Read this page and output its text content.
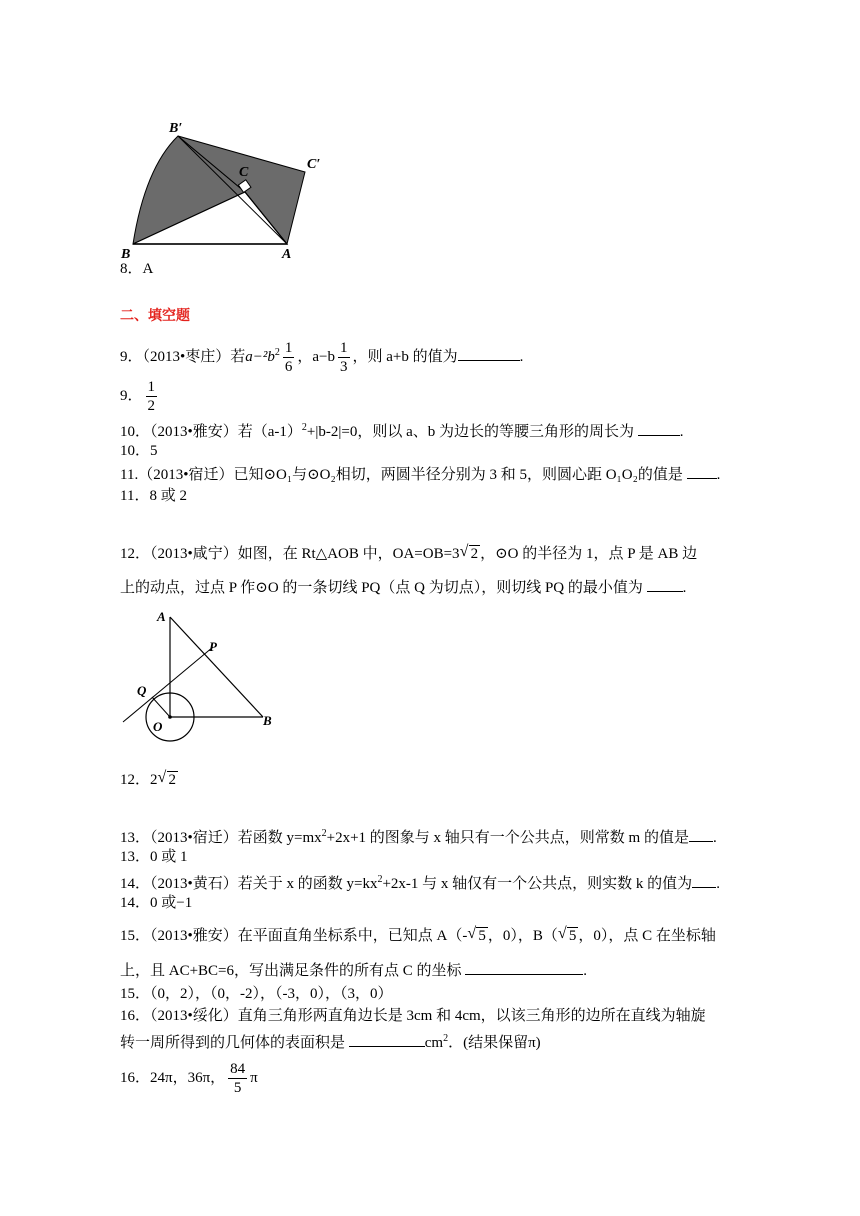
B′
C
C′
B	A
8．A
二、填空题
9．（2013•枣庄）若$a-^2b^2 \frac{1}{6}$ ，$a-b \frac{1}{3}$ ，则 a+b 的值为	.
9． $\frac{1}{2}$
10．（2013•雅安）若$(a-1)^2+|b-2|=0$，则以 a、b 为边长的等腰三角形的周长为	.
10．5
11.（2013•宿迁）已知⊙O₁与⊙O₂相切，两圆半径分别为 3 和 5，则圆心距 O₁O₂的值是 .
11．8 或 2
12．（2013•咸宁）如图，在 Rt△AOB 中，OA=OB=3 √ 2 ，⊙O 的半径为 1，点 P 是 AB 边
上的动点，过点 P 作⊙O 的一条切线 PQ（点 Q 为切点），则切线 PQ 的最小值为 .
A
P
Q
O	B
12．2 √ 2
13．（2013•宿迁）若函数 $y=mx^2+2x+1$ 的图象与 x 轴只有一个公共点，则常数 m 的值是 .
13．0 或 1
14．（2013•黄石）若关于 x 的函数 $y=kx^2+2x-1$ 与 x 轴仅有一个公共点，则实数 k 的值为 .
14．0 或−1
15．（2013•雅安）在平面直角坐标系中，已知点 A（- √ 5 ，0），B（ √ 5 ，0），点 C 在坐标轴
上，且 AC+BC=6，写出满足条件的所有点 C 的坐标	.
15．（0，2），（0，-2），（-3，0），（3，0）
16．（2013•绥化）直角三角形两直角边长是 3cm 和 4cm，以该三角形的边所在直线为轴旋
转一周所得到的几何体的表面积是	$cm^2$．(结果保留π)
16．24π，36π， $\frac{84}{5}$ π
